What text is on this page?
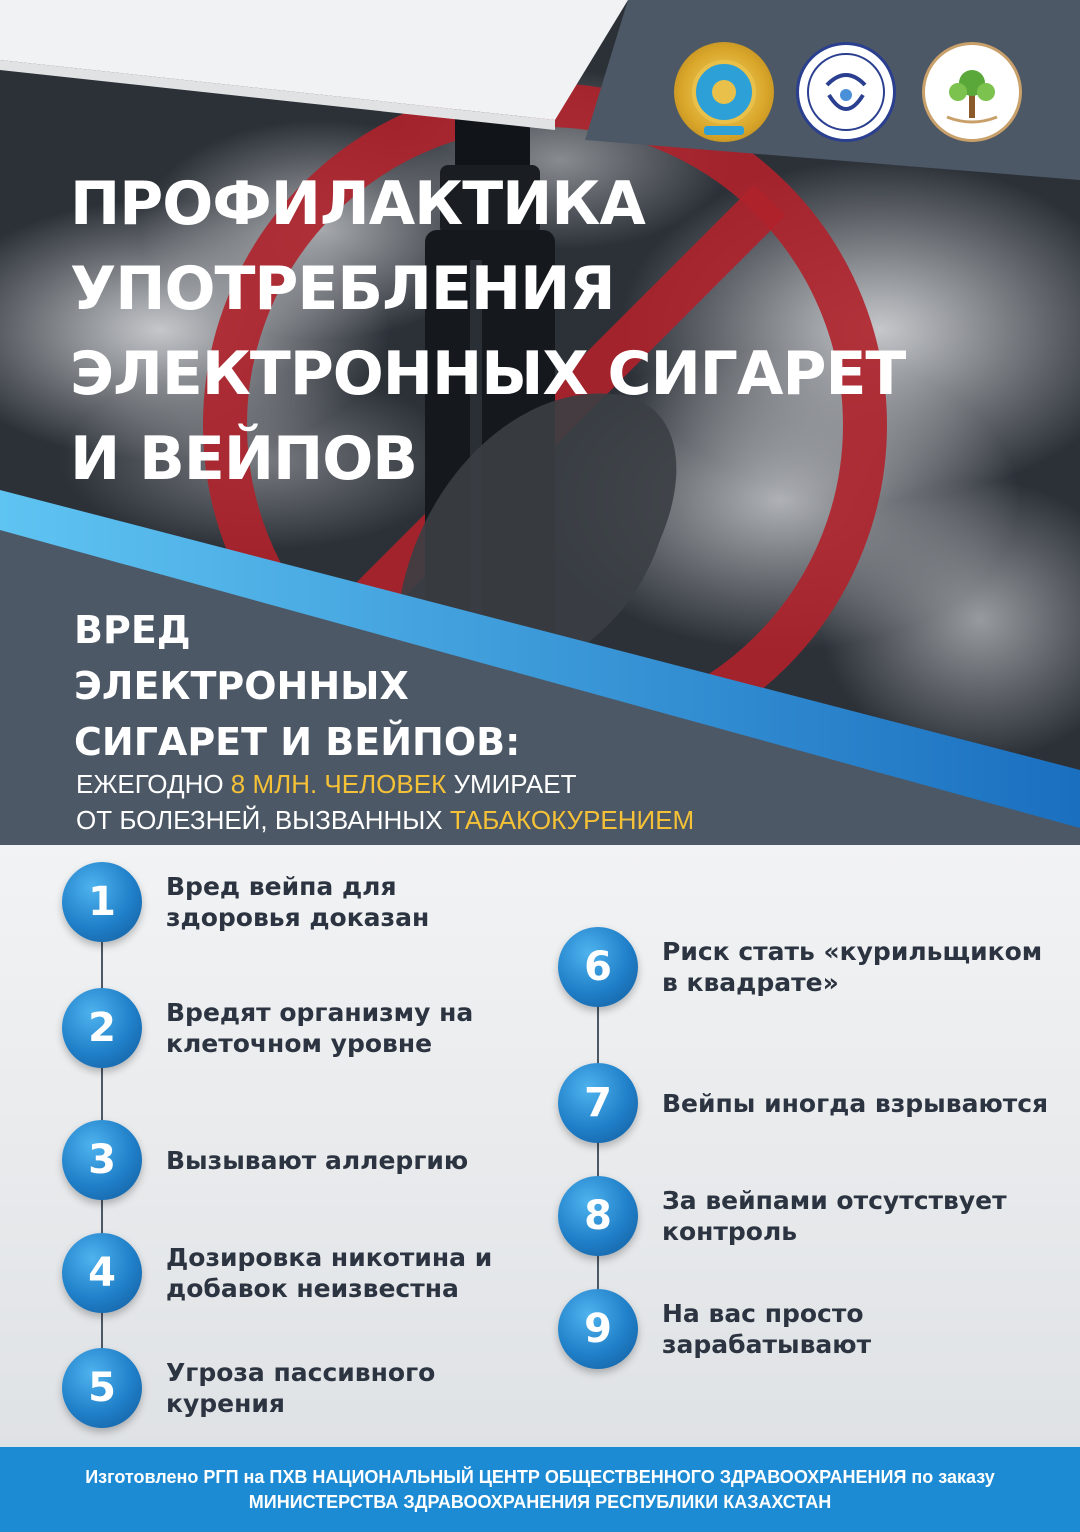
ПРОФИЛАКТИКА
УПОТРЕБЛЕНИЯ
ЭЛЕКТРОННЫХ СИГАРЕТ
И ВЕЙПОВ
ВРЕД
ЭЛЕКТРОННЫХ
СИГАРЕТ И ВЕЙПОВ:
ЕЖЕГОДНО 8 МЛН. ЧЕЛОВЕК УМИРАЕТ
ОТ БОЛЕЗНЕЙ, ВЫЗВАННЫХ ТАБАКОКУРЕНИЕМ
1	Вред вейпа для здоровья доказан
2	Вредят организму на клеточном уровне
3	Вызывают аллергию
4	Дозировка никотина и добавок неизвестна
5	Угроза пассивного курения
6	Риск стать «курильщиком в квадрате»
7	Вейпы иногда взрываются
8	За вейпами отсутствует контроль
9	На вас просто зарабатывают
Изготовлено РГП на ПХВ НАЦИОНАЛЬНЫЙ ЦЕНТР ОБЩЕСТВЕННОГО ЗДРАВООХРАНЕНИЯ по заказу
МИНИСТЕРСТВА ЗДРАВООХРАНЕНИЯ РЕСПУБЛИКИ КАЗАХСТАН
